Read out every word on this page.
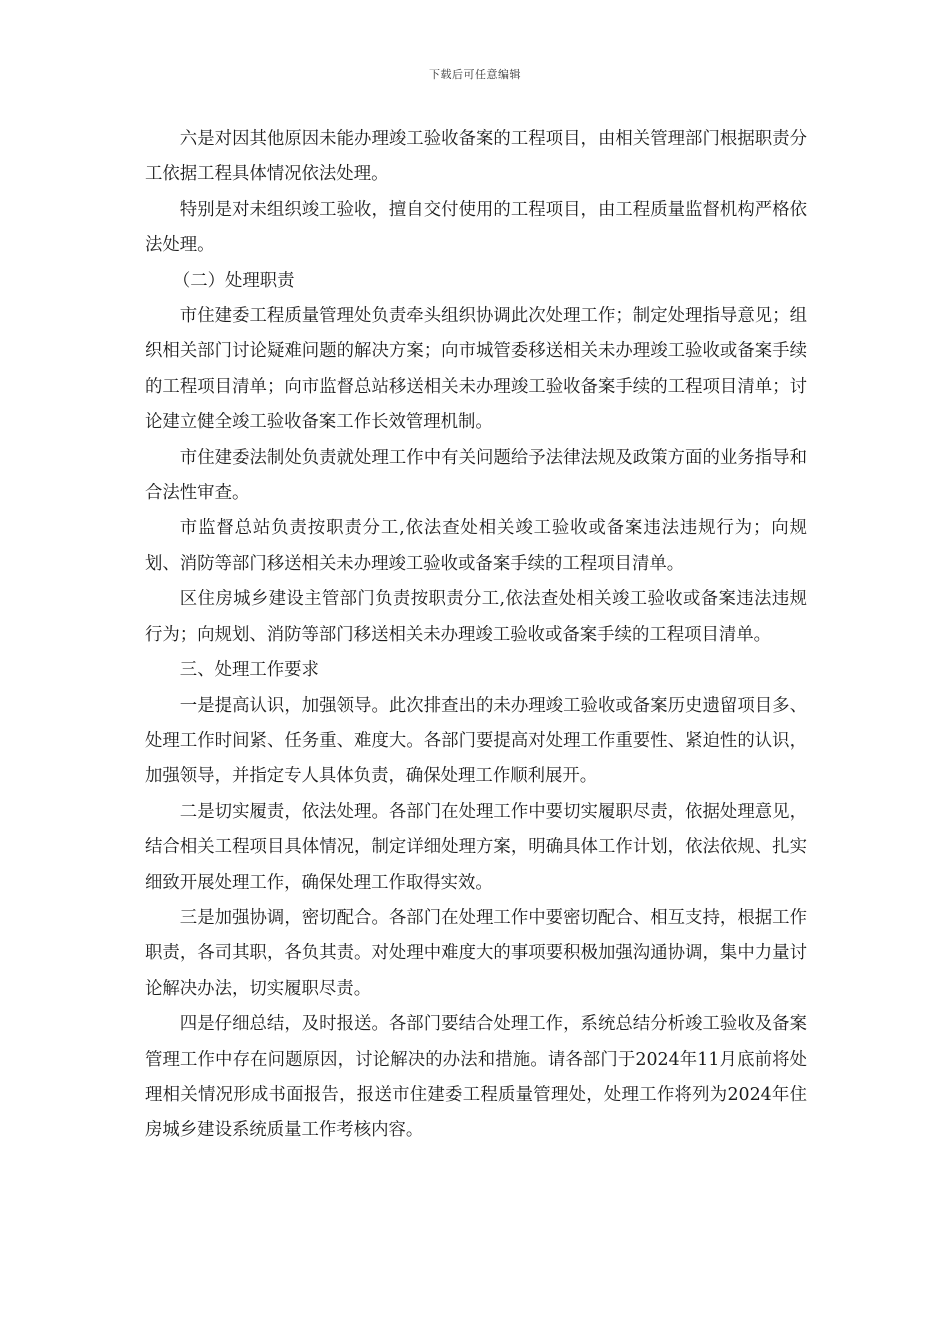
下载后可任意编辑

六是对因其他原因未能办理竣工验收备案的工程项目，由相关管理部门根据职责分工依据工程具体情况依法处理。

特别是对未组织竣工验收，擅自交付使用的工程项目，由工程质量监督机构严格依法处理。

（二）处理职责

市住建委工程质量管理处负责牵头组织协调此次处理工作；制定处理指导意见；组织相关部门讨论疑难问题的解决方案；向市城管委移送相关未办理竣工验收或备案手续的工程项目清单；向市监督总站移送相关未办理竣工验收备案手续的工程项目清单；讨论建立健全竣工验收备案工作长效管理机制。

市住建委法制处负责就处理工作中有关问题给予法律法规及政策方面的业务指导和合法性审查。

市监督总站负责按职责分工,依法查处相关竣工验收或备案违法违规行为；向规划、消防等部门移送相关未办理竣工验收或备案手续的工程项目清单。

区住房城乡建设主管部门负责按职责分工,依法查处相关竣工验收或备案违法违规行为；向规划、消防等部门移送相关未办理竣工验收或备案手续的工程项目清单。

三、处理工作要求

一是提高认识，加强领导。此次排查出的未办理竣工验收或备案历史遗留项目多、处理工作时间紧、任务重、难度大。各部门要提高对处理工作重要性、紧迫性的认识，加强领导，并指定专人具体负责，确保处理工作顺利展开。

二是切实履责，依法处理。各部门在处理工作中要切实履职尽责，依据处理意见，结合相关工程项目具体情况，制定详细处理方案，明确具体工作计划，依法依规、扎实细致开展处理工作，确保处理工作取得实效。

三是加强协调，密切配合。各部门在处理工作中要密切配合、相互支持，根据工作职责，各司其职，各负其责。对处理中难度大的事项要积极加强沟通协调，集中力量讨论解决办法，切实履职尽责。

四是仔细总结，及时报送。各部门要结合处理工作，系统总结分析竣工验收及备案管理工作中存在问题原因，讨论解决的办法和措施。请各部门于2024年11月底前将处理相关情况形成书面报告，报送市住建委工程质量管理处，处理工作将列为2024年住房城乡建设系统质量工作考核内容。
